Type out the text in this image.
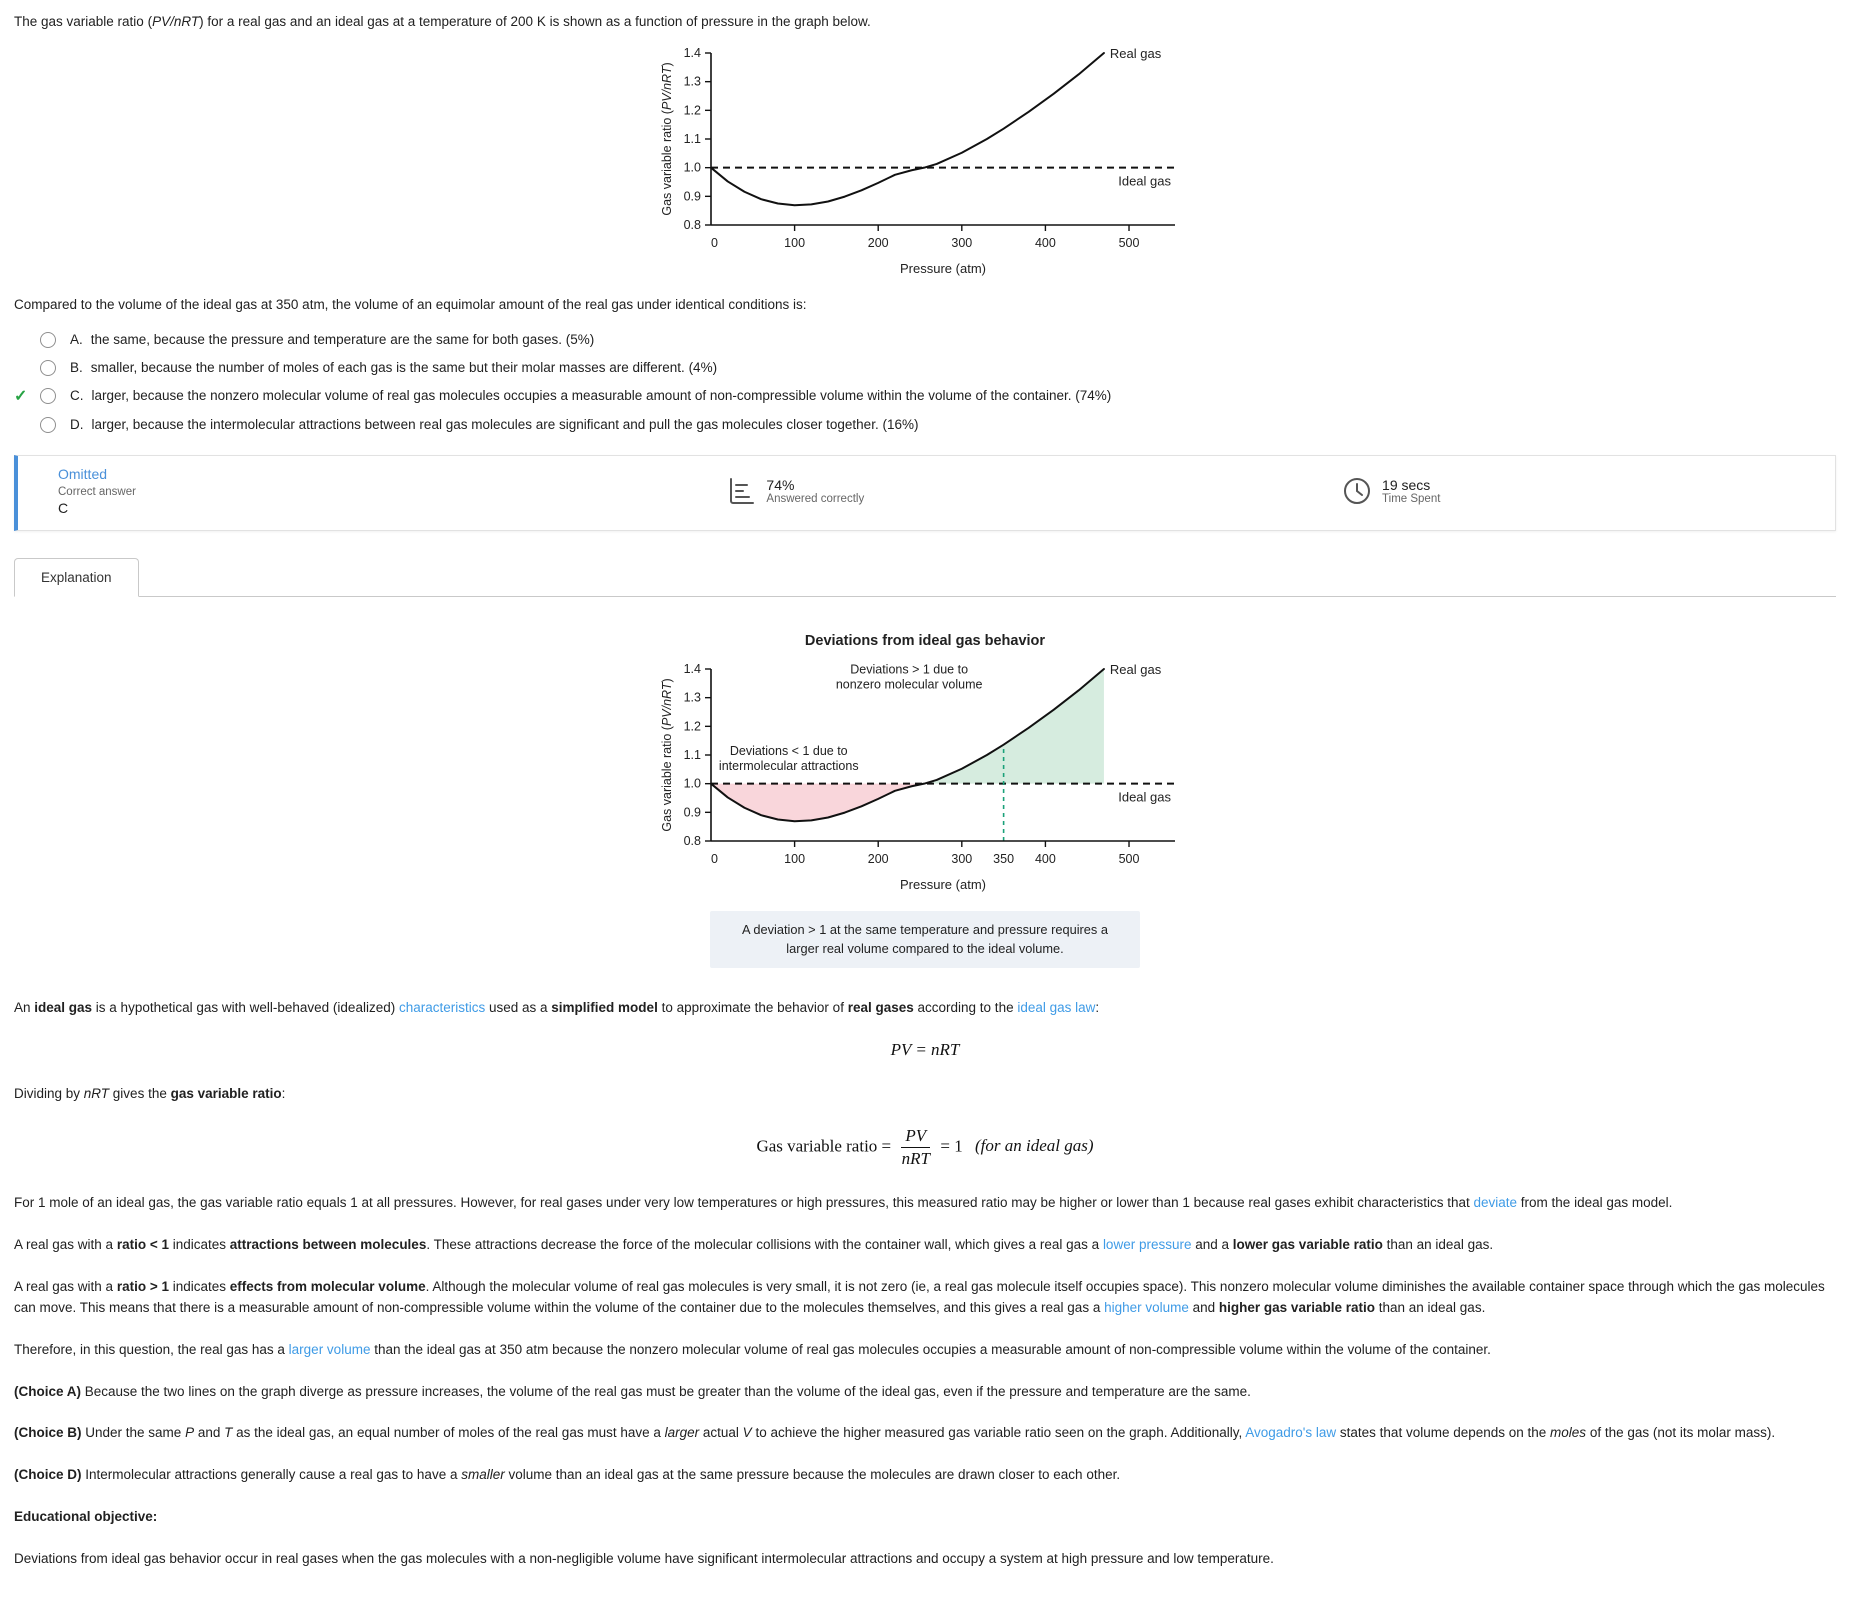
The gas variable ratio (PV/nRT) for a real gas and an ideal gas at a temperature of 200 K is shown as a function of pressure in the graph below.
Ideal gas
Real gas
0.8
0.9
1.0
1.1
1.2
1.3
1.4
0	100	200	300	400	500
Pressure (atm)
Gas variable ratio (PV/nRT)
Compared to the volume of the ideal gas at 350 atm, the volume of an equimolar amount of the real gas under identical conditions is:
A. the same, because the pressure and temperature are the same for both gases. (5%)
B. smaller, because the number of moles of each gas is the same but their molar masses are different. (4%)
✓	C. larger, because the nonzero molecular volume of real gas molecules occupies a measurable amount of non-compressible volume within the volume of the container. (74%)
D. larger, because the intermolecular attractions between real gas molecules are significant and pull the gas molecules closer together. (16%)
Omitted
Correct answer
C
74%
Answered correctly
19 secs
Time Spent
Explanation
Deviations from ideal gas behavior
Ideal gas
Real gas
0.8
0.9
1.0
1.1
1.2
1.3
1.4
0	100	200	300	400	500
350
Pressure (atm)
Gas variable ratio (PV/nRT)
Deviations > 1 due to nonzero molecular volume
Deviations < 1 due to intermolecular attractions
A deviation > 1 at the same temperature and pressure requires a larger real volume compared to the ideal volume.

An ideal gas is a hypothetical gas with well-behaved (idealized) characteristics used as a simplified model to approximate the behavior of real gases according to the ideal gas law:

PV = nRT

Dividing by nRT gives the gas variable ratio:

Gas variable ratio = $\frac{PV}{\text{nRT}} = 1$ (for an ideal gas)

For 1 mole of an ideal gas, the gas variable ratio equals 1 at all pressures. However, for real gases under very low temperatures or high pressures, this measured ratio may be higher or lower than 1 because real gases exhibit characteristics that deviate from the ideal gas model.

A real gas with a ratio < 1 indicates attractions between molecules. These attractions decrease the force of the molecular collisions with the container wall, which gives a real gas a lower pressure and a lower gas variable ratio than an ideal gas.

A real gas with a ratio > 1 indicates effects from molecular volume. Although the molecular volume of real gas molecules is very small, it is not zero (ie, a real gas molecule itself occupies space). This nonzero molecular volume diminishes the available container space through which the gas molecules can move. This means that there is a measurable amount of non-compressible volume within the volume of the container due to the molecules themselves, and this gives a real gas a higher volume and higher gas variable ratio than an ideal gas.

Therefore, in this question, the real gas has a larger volume than the ideal gas at 350 atm because the nonzero molecular volume of real gas molecules occupies a measurable amount of non-compressible volume within the volume of the container.

(Choice A) Because the two lines on the graph diverge as pressure increases, the volume of the real gas must be greater than the volume of the ideal gas, even if the pressure and temperature are the same.

(Choice B) Under the same P and T as the ideal gas, an equal number of moles of the real gas must have a larger actual V to achieve the higher measured gas variable ratio seen on the graph. Additionally, Avogadro's law states that volume depends on the moles of the gas (not its molar mass).

(Choice D) Intermolecular attractions generally cause a real gas to have a smaller volume than an ideal gas at the same pressure because the molecules are drawn closer to each other.

Educational objective:

Deviations from ideal gas behavior occur in real gases when the gas molecules with a non-negligible volume have significant intermolecular attractions and occupy a system at high pressure and low temperature.
